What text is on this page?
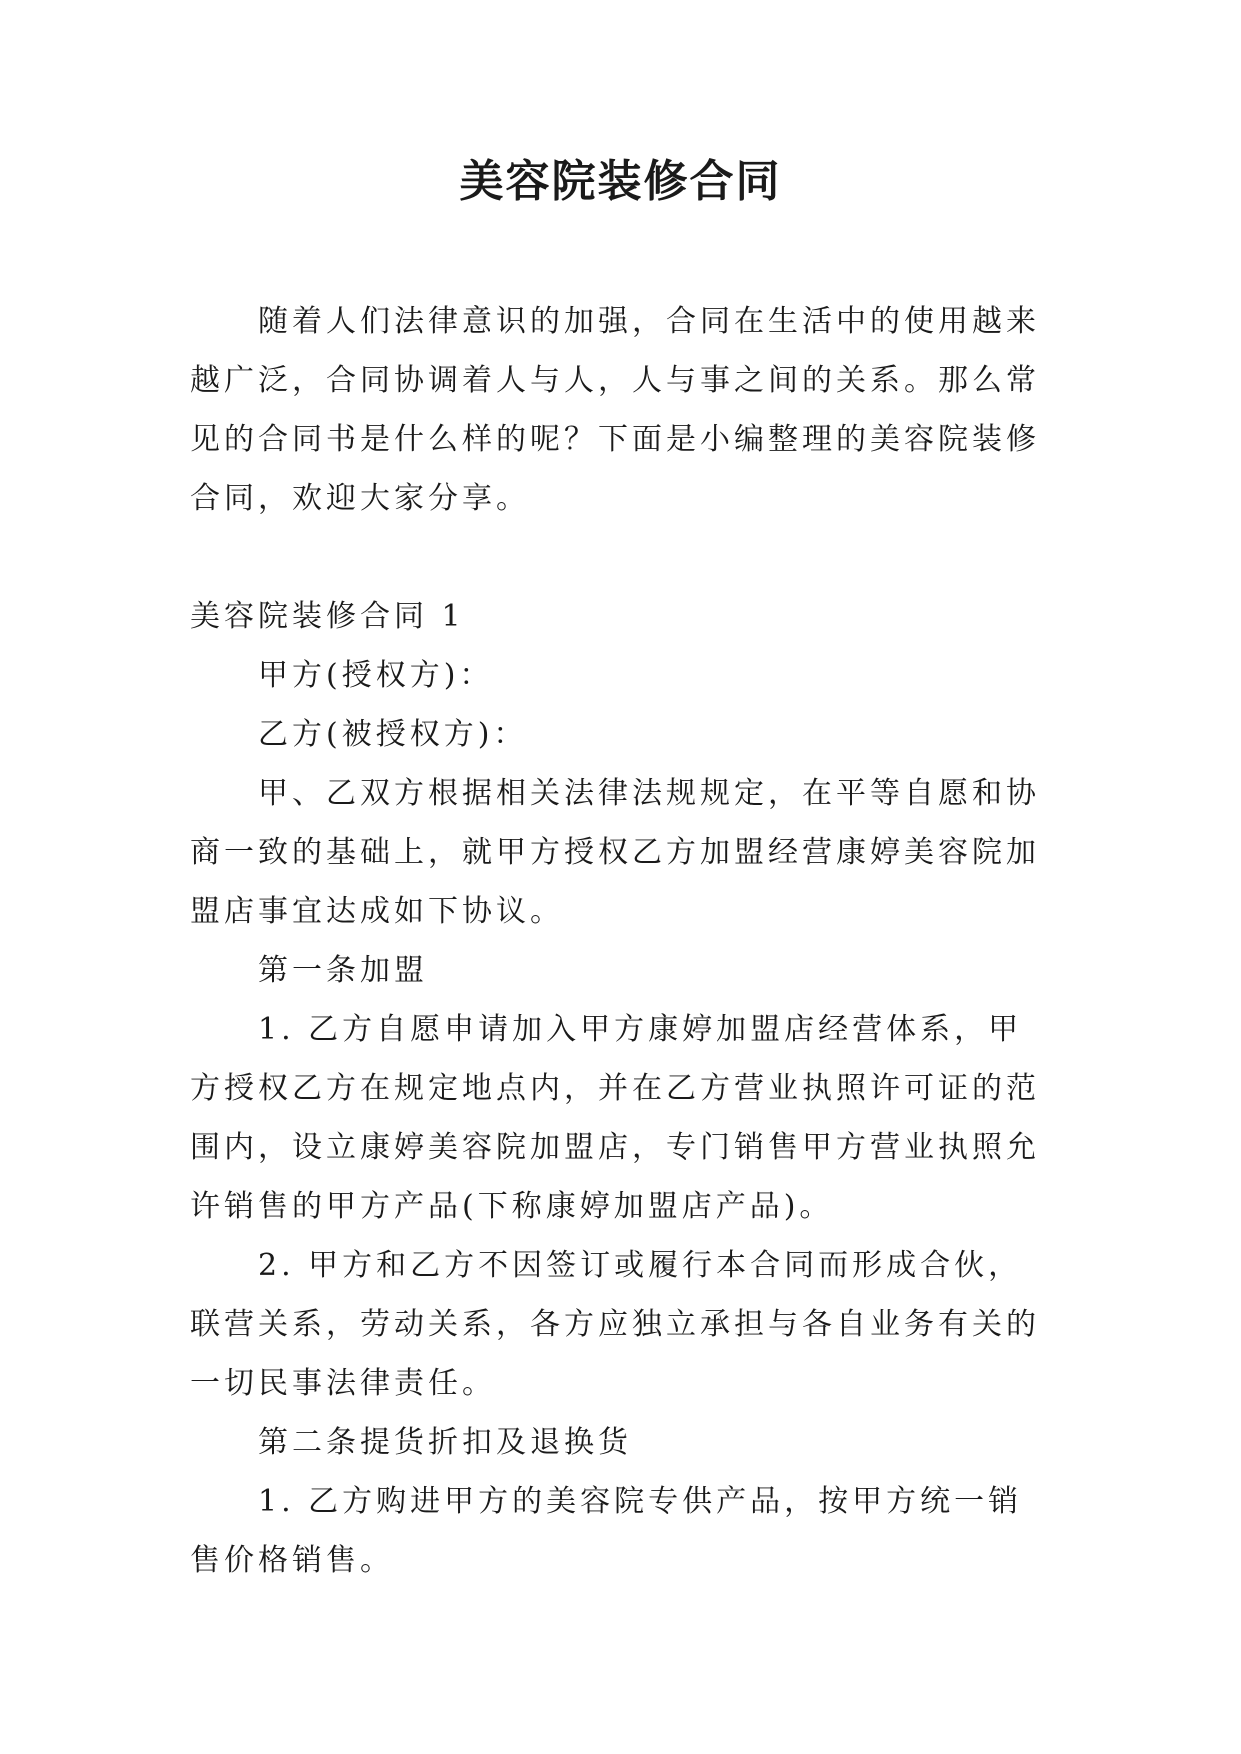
美容院装修合同

随着人们法律意识的加强，合同在生活中的使用越来越广泛，合同协调着人与人，人与事之间的关系。那么常见的合同书是什么样的呢？下面是小编整理的美容院装修合同，欢迎大家分享。

美容院装修合同 1

甲方(授权方)：

乙方(被授权方)：

甲、乙双方根据相关法律法规规定，在平等自愿和协商一致的基础上，就甲方授权乙方加盟经营康婷美容院加盟店事宜达成如下协议。

第一条加盟

1. 乙方自愿申请加入甲方康婷加盟店经营体系，甲方授权乙方在规定地点内，并在乙方营业执照许可证的范围内，设立康婷美容院加盟店，专门销售甲方营业执照允许销售的甲方产品(下称康婷加盟店产品)。

2. 甲方和乙方不因签订或履行本合同而形成合伙，联营关系，劳动关系，各方应独立承担与各自业务有关的一切民事法律责任。

第二条提货折扣及退换货

1. 乙方购进甲方的美容院专供产品，按甲方统一销售价格销售。
